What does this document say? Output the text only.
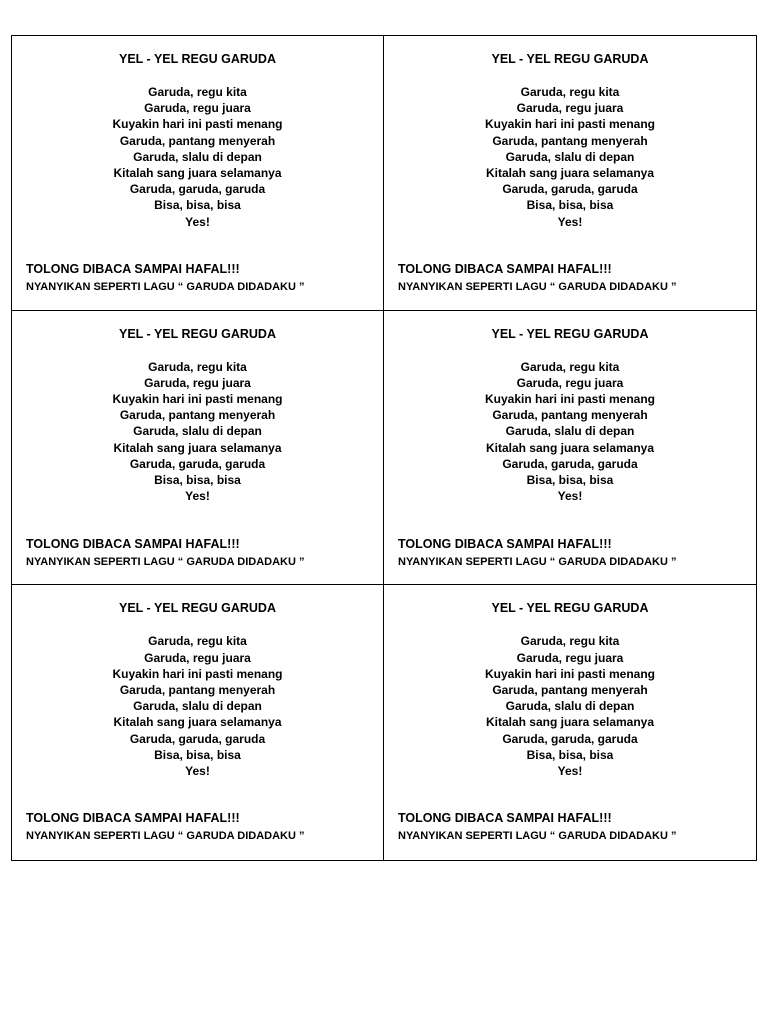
YEL - YEL REGU GARUDA
Garuda, regu kita
Garuda, regu juara
Kuyakin hari ini pasti menang
Garuda, pantang menyerah
Garuda, slalu di depan
Kitalah sang juara selamanya
Garuda, garuda, garuda
Bisa, bisa, bisa
Yes!
TOLONG DIBACA SAMPAI HAFAL!!!
NYANYIKAN SEPERTI LAGU “ GARUDA DIDADAKU ”
YEL - YEL REGU GARUDA
Garuda, regu kita
Garuda, regu juara
Kuyakin hari ini pasti menang
Garuda, pantang menyerah
Garuda, slalu di depan
Kitalah sang juara selamanya
Garuda, garuda, garuda
Bisa, bisa, bisa
Yes!
TOLONG DIBACA SAMPAI HAFAL!!!
NYANYIKAN SEPERTI LAGU “ GARUDA DIDADAKU ”
YEL - YEL REGU GARUDA
Garuda, regu kita
Garuda, regu juara
Kuyakin hari ini pasti menang
Garuda, pantang menyerah
Garuda, slalu di depan
Kitalah sang juara selamanya
Garuda, garuda, garuda
Bisa, bisa, bisa
Yes!
TOLONG DIBACA SAMPAI HAFAL!!!
NYANYIKAN SEPERTI LAGU “ GARUDA DIDADAKU ”
YEL - YEL REGU GARUDA
Garuda, regu kita
Garuda, regu juara
Kuyakin hari ini pasti menang
Garuda, pantang menyerah
Garuda, slalu di depan
Kitalah sang juara selamanya
Garuda, garuda, garuda
Bisa, bisa, bisa
Yes!
TOLONG DIBACA SAMPAI HAFAL!!!
NYANYIKAN SEPERTI LAGU “ GARUDA DIDADAKU ”
YEL - YEL REGU GARUDA
Garuda, regu kita
Garuda, regu juara
Kuyakin hari ini pasti menang
Garuda, pantang menyerah
Garuda, slalu di depan
Kitalah sang juara selamanya
Garuda, garuda, garuda
Bisa, bisa, bisa
Yes!
TOLONG DIBACA SAMPAI HAFAL!!!
NYANYIKAN SEPERTI LAGU “ GARUDA DIDADAKU ”
YEL - YEL REGU GARUDA
Garuda, regu kita
Garuda, regu juara
Kuyakin hari ini pasti menang
Garuda, pantang menyerah
Garuda, slalu di depan
Kitalah sang juara selamanya
Garuda, garuda, garuda
Bisa, bisa, bisa
Yes!
TOLONG DIBACA SAMPAI HAFAL!!!
NYANYIKAN SEPERTI LAGU “ GARUDA DIDADAKU ”
